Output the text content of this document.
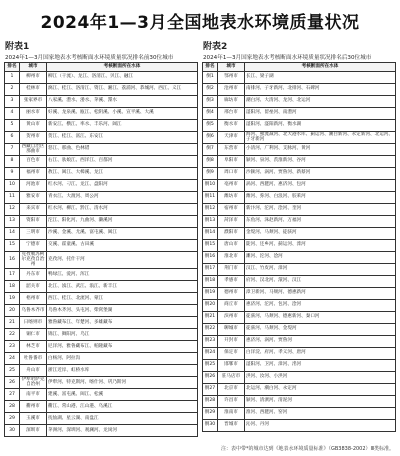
2024年1—3月全国地表水环境质量状况
附表1
2024年1—3月国家地表水考核断面水环境质量状况排名前30位城市
排名	城市	考核断面所在水体
1	柳州市	柳江（干流）、龙江、洛清江、贝江、融江
2	桂林市	漓江、桂江、洛清江、资江、湘江、荔浦河、恭城河、西江、义江
3	张家界市	八家溪、澧水、溇水、茅溪、渫水
4	丽水市	好溪、龙泉溪、瓯江、松阴溪、小溪、宣平溪、大溪
5	黄山市	新安江、横江、率水、丰乐河、阊江
6	贺州市	贺江、桂江、富江、东安江
7	西藏自治区那曲市	怒江、那曲、色林错
8	百色市	右江、驮娘江、西洋江、百都河
9	福州市	敖江、闽江、大樟溪、龙江
10	河池市	红水河、刁江、龙江、盘阳河
11	雅安市	青衣江、大渡河、周公河
12	来宾市	红水河、柳江、黔江、清水河
13	资阳市	沱江、阳化河、九曲河、濑溪河
14	三明市	沙溪、金溪、尤溪、富屯溪、闽江
15	宁德市	交溪、霍童溪、古田溪
16	克孜勒苏柯尔克孜自治州	克孜河、托什干河
17	丹东市	鸭绿江、爱河、浑江
18	韶关市	北江、浈江、武江、滃江、新丰江
19	梧州市	西江、桂江、北流河、蒙江
20	乌鲁木齐市	乌鲁木齐河、头屯河、柴窝堡湖
21	日喀则市	雅鲁藏布江、年楚河、多雄藏布
22	铜仁市	锦江、舞阳河、乌江
23	林芝市	尼洋河、雅鲁藏布江、帕隆藏布
24	吐鲁番市	白杨河、阿拉沟
25	舟山市	浙江近岸、虹桥水库
26	伊犁哈萨克自治州	伊犁河、特克斯河、喀什河、巩乃斯河
27	南平市	建溪、富屯溪、闽江、松溪
28	衢州市	衢江、常山港、江山港、乌溪江
29	玉溪市	抚仙湖、星云湖、南盘江
30	深圳市	茅洲河、深圳河、观澜河、龙岗河
附表2
2024年1—3月国家地表水考核断面水环境质量状况排名后30位城市
排名	城市	考核断面所在水体
倒1	鄂州市	长江、梁子湖
倒2	沧州市	南排河、子牙新河、北排河、石碑河
倒3	廊坊市	潮白河、大清河、龙河、北运河
倒4	邢台市	滏阳河、留垒河、南澧河
倒5	衡水市	滏阳河、滏阳新河、衡水湖
倒6	天津市	海河、独流减河、北大港水库、蓟运河、潮白新河、永定新河、北运河、子牙新河
倒7	东营市	小清河、广利河、支脉河、黄河
倒8	阜阳市	颍河、泉河、茨淮新河、谷河
倒9	周口市	沙颍河、涡河、贾鲁河、新蔡河
倒10	亳州市	涡河、西淝河、惠济河、包河
倒11	潍坊市	潍河、弥河、白浪河、胶莱河
倒12	宿州市	新汴河、沱河、浍河、奎河
倒13	菏泽市	东鱼河、洙赵新河、万福河
倒14	濮阳市	金堤河、马颊河、徒骇河
倒15	唐山市	陡河、还乡河、蓟运河、滦河
倒16	淮北市	濉河、沱河、浍河
倒17	荆门市	汉江、竹皮河、漳河
倒18	孝感市	府河、汉北河、澴河、汉江
倒19	德州市	漳卫新河、马颊河、德惠新河
倒20	商丘市	惠济河、沱河、包河、浍河
倒21	滨州市	徒骇河、马颊河、德惠新河、秦口河
倒22	聊城市	徒骇河、马颊河、金堤河
倒23	开封市	惠济河、涡河、贾鲁河
倒24	保定市	白洋淀、府河、孝义河、唐河
倒25	邯郸市	滏阳河、卫河、漳河、洺河
倒26	驻马店市	洪河、汝河、小洪河
倒27	北京市	北运河、潮白河、永定河
倒28	许昌市	颍河、清潩河、清泥河
倒29	淮南市	淮河、西淝河、窑河
倒30	晋城市	沁河、丹河
注：表中带*的城市达到《地表水环境质量标准》（GB3838-2002）Ⅲ类标准。
